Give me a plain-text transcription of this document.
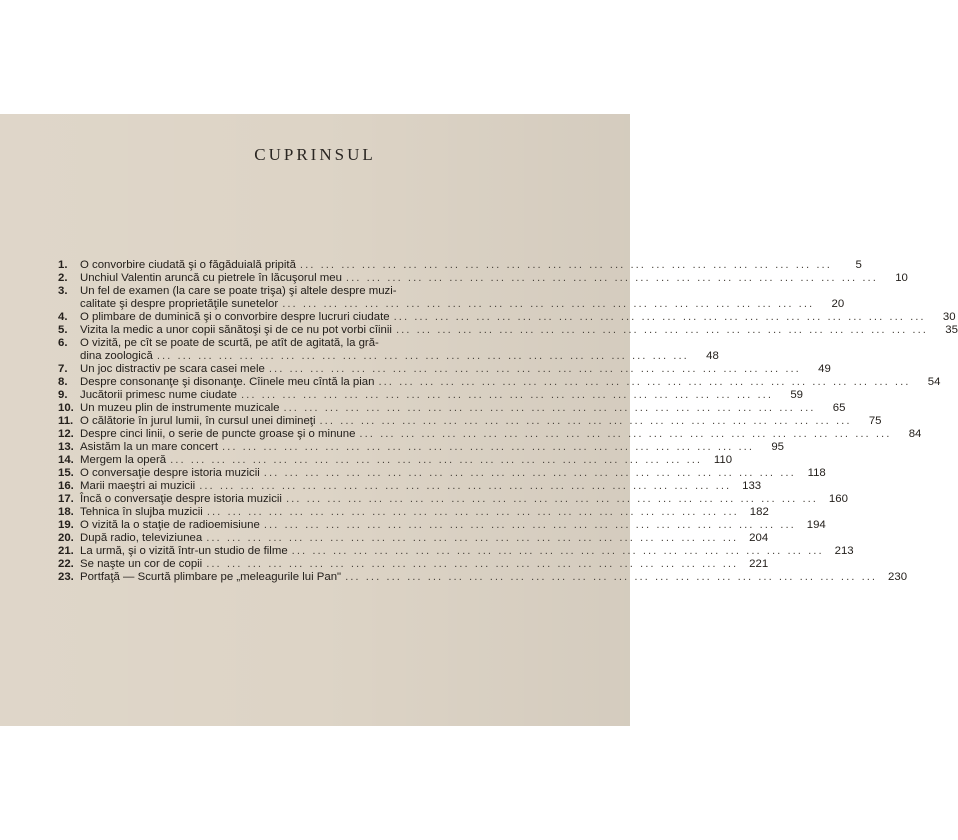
CUPRINSUL
1.	O convorbire ciudată şi o făgăduială pripită ... .	5
2.	Unchiul Valentin aruncă cu pietrele în lăcuşorul meu ... .	10
3.	Un fel de examen (la care se poate trişa) şi altele despre muzi-
calitate şi despre proprietăţile sunetelor ... .	20
4.	O plimbare de duminică şi o convorbire despre lucruri ciudate ... .	30
5.	Vizita la medic a unor copii sănătoşi şi de ce nu pot vorbi cîinii ... .	35
6.	O vizită, pe cît se poate de scurtă, pe atît de agitată, la gră-
dina zoologică ... .	48
7.	Un joc distractiv pe scara casei mele ... .	49
8.	Despre consonanţe şi disonanţe. Cîinele meu cîntă la pian ... .	54
9.	Jucătorii primesc nume ciudate ... .	59
10. Un muzeu plin de instrumente muzicale ... .	65
11. O călătorie în jurul lumii, în cursul unei dimineţi ... .	75
12. Despre cinci linii, o serie de puncte groase şi o minune ... .	84
13. Asistăm la un mare concert ... .	95
14. Mergem la operă ... .	110
15. O conversaţie despre istoria muzicii ... .	118
16. Marii maeştri ai muzicii ... .	133
17. Încă o conversaţie despre istoria muzicii ... .	160
18. Tehnica în slujba muzicii ... .	182
19. O vizită la o staţie de radioemisiune ... .	194
20. După radio, televiziunea ... .	204
21. La urmă, şi o vizită într-un studio de filme ... .	213
22. Se naşte un cor de copii ... .	221
23. Portfaţă — Scurtă plimbare pe „meleagurile lui Pan" ... .	230
